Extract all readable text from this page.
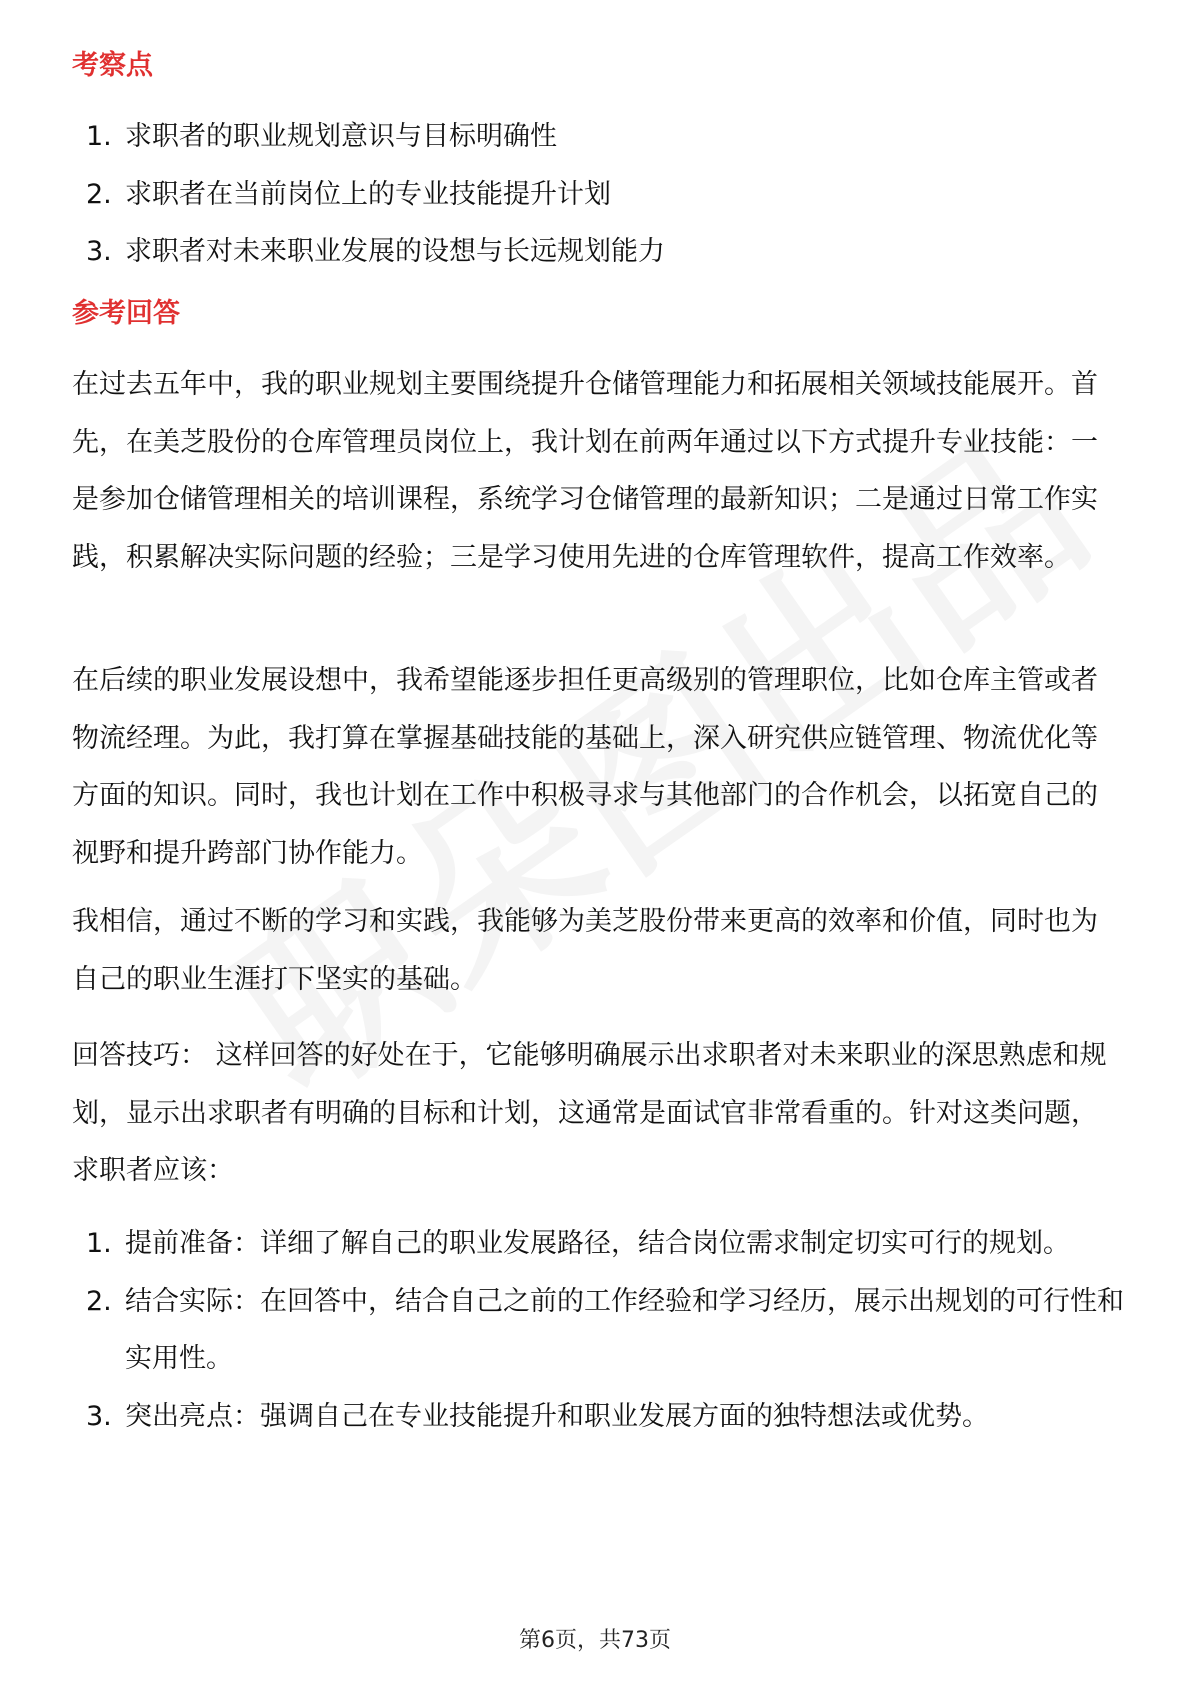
考察点
1. 求职者的职业规划意识与目标明确性
2. 求职者在当前岗位上的专业技能提升计划
3. 求职者对未来职业发展的设想与长远规划能力
参考回答

在过去五年中，我的职业规划主要围绕提升仓储管理能力和拓展相关领域技能展开。首先，在美芝股份的仓库管理员岗位上，我计划在前两年通过以下方式提升专业技能：一是参加仓储管理相关的培训课程，系统学习仓储管理的最新知识；二是通过日常工作实践，积累解决实际问题的经验；三是学习使用先进的仓库管理软件，提高工作效率。

在后续的职业发展设想中，我希望能逐步担任更高级别的管理职位，比如仓库主管或者物流经理。为此，我打算在掌握基础技能的基础上，深入研究供应链管理、物流优化等方面的知识。同时，我也计划在工作中积极寻求与其他部门的合作机会，以拓宽自己的视野和提升跨部门协作能力。

我相信，通过不断的学习和实践，我能够为美芝股份带来更高的效率和价值，同时也为自己的职业生涯打下坚实的基础。

回答技巧： 这样回答的好处在于，它能够明确展示出求职者对未来职业的深思熟虑和规划，显示出求职者有明确的目标和计划，这通常是面试官非常看重的。针对这类问题，求职者应该：

1. 提前准备：详细了解自己的职业发展路径，结合岗位需求制定切实可行的规划。
2. 结合实际：在回答中，结合自己之前的工作经验和学习经历，展示出规划的可行性和实用性。
3. 突出亮点：强调自己在专业技能提升和职业发展方面的独特想法或优势。
第6页，共73页
